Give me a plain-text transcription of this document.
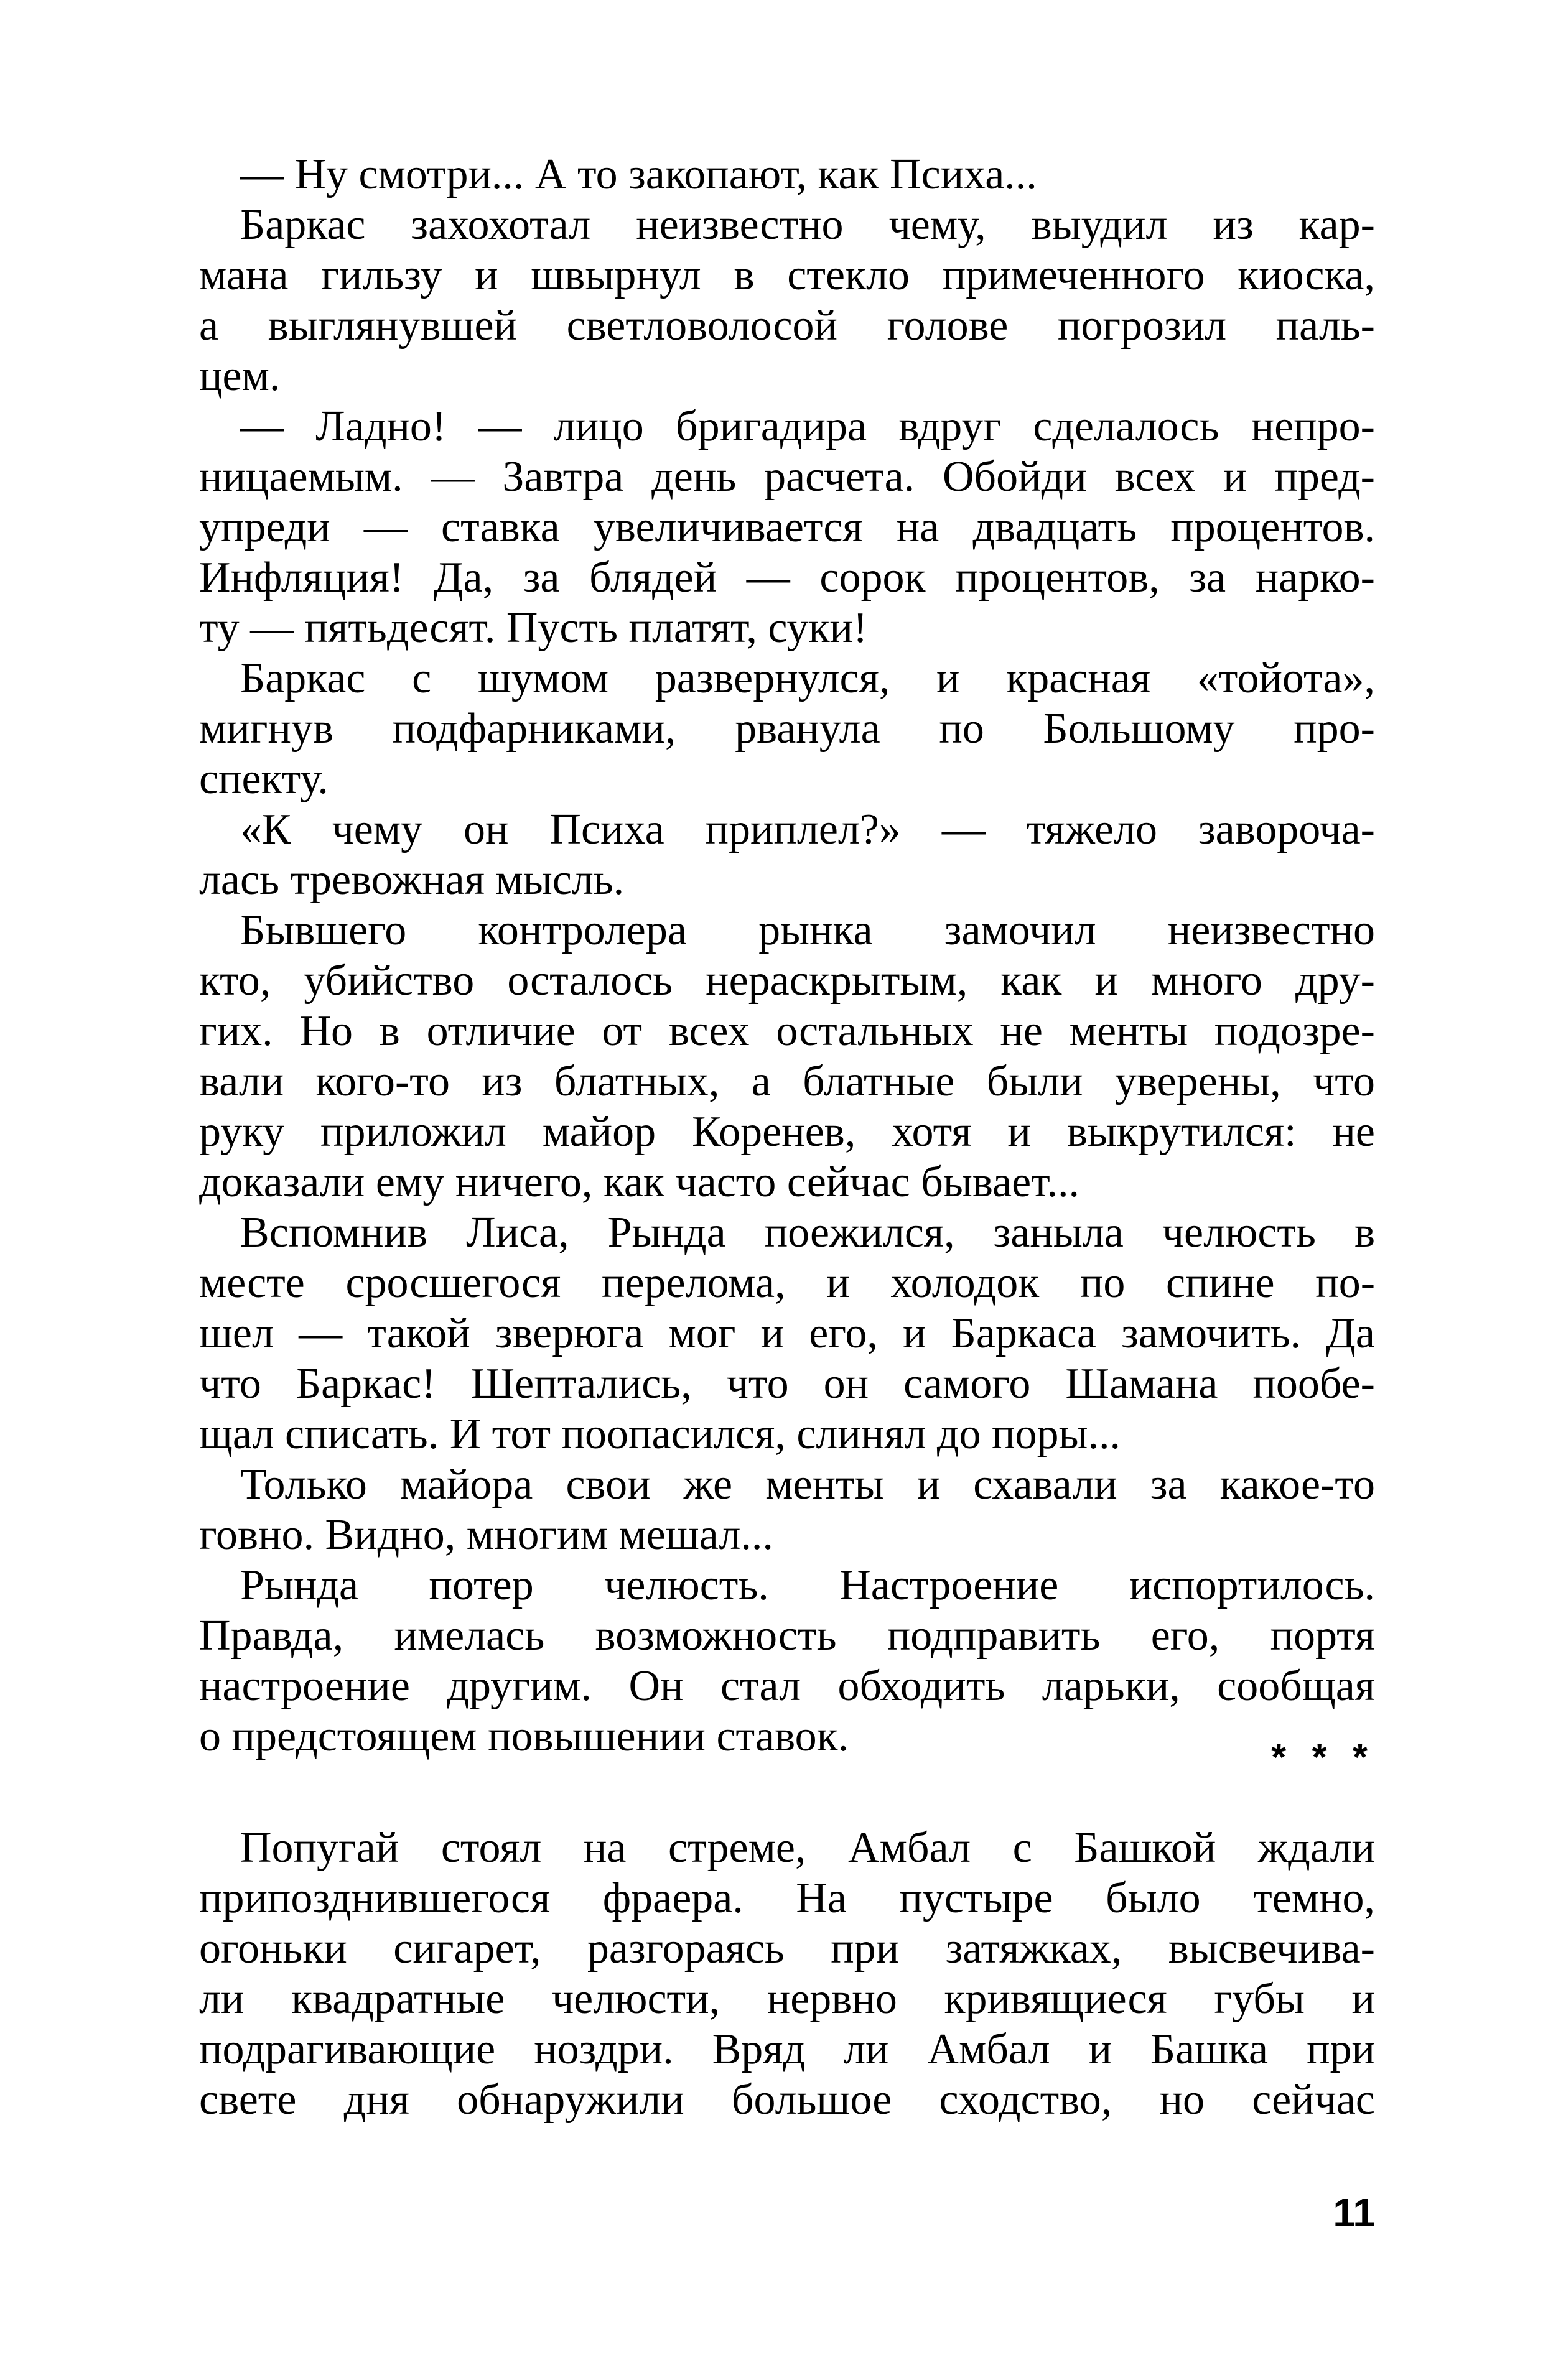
— Ну смотри... А то закопают, как Психа...
Баркас захохотал неизвестно чему, выудил из кар-
мана гильзу и швырнул в стекло примеченного киоска,
а выглянувшей светловолосой голове погрозил паль-
цем.
— Ладно! — лицо бригадира вдруг сделалось непро-
ницаемым. — Завтра день расчета. Обойди всех и пред-
упреди — ставка увеличивается на двадцать процентов.
Инфляция! Да, за блядей — сорок процентов, за нарко-
ту — пятьдесят. Пусть платят, суки!
Баркас с шумом развернулся, и красная «тойота»,
мигнув подфарниками, рванула по Большому про-
спекту.
«К чему он Психа приплел?» — тяжело заворочa-
лась тревожная мысль.
Бывшего контролера рынка замочил неизвестно
кто, убийство осталось нераскрытым, как и много дру-
гих. Но в отличие от всех остальных не менты подозре-
вали кого-то из блатных, а блатные были уверены, что
руку приложил майор Коренев, хотя и выкрутился: не
доказали ему ничего, как часто сейчас бывает...
Вспомнив Лиса, Рында поежился, заныла челюсть в
месте сросшегося перелома, и холодок по спине по-
шел — такой зверюга мог и его, и Баркаса замочить. Да
что Баркас! Шептались, что он самого Шамана пообе-
щал списать. И тот поопасился, слинял до поры...
Только майора свои же менты и схавали за какое-то
говно. Видно, многим мешал...
Рында потер челюсть. Настроение испортилось.
Правда, имелась возможность подправить его, портя
настроение другим. Он стал обходить ларьки, сообщая
о предстоящем повышении ставок.	* * *
Попугай стоял на стреме, Амбал с Башкой ждали
припозднившегося фраера. На пустыре было темно,
огоньки сигарет, разгораясь при затяжках, высвечива-
ли квадратные челюсти, нервно кривящиеся губы и
подрагивающие ноздри. Вряд ли Амбал и Башка при
свете дня обнаружили большое сходство, но сейчас
11
